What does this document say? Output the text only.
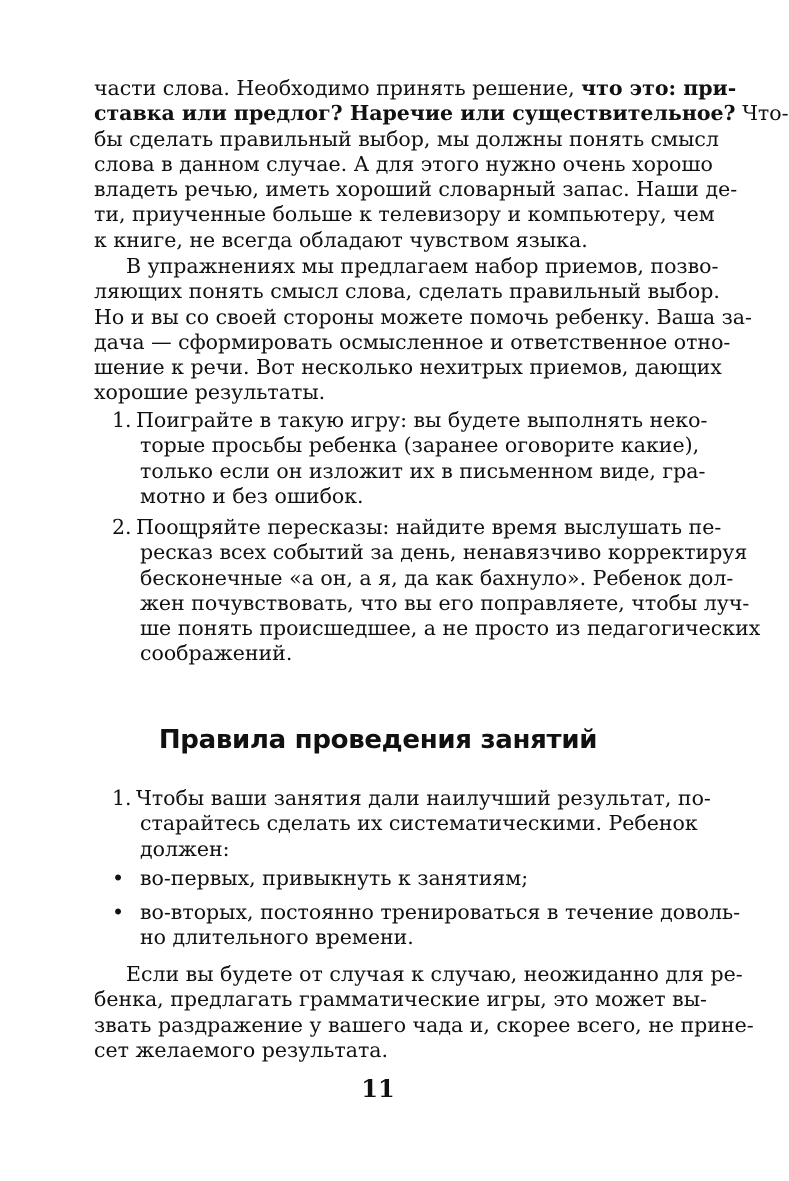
части слова. Необходимо принять решение, что это: при-
ставка или предлог? Наречие или существительное? Что-
бы сделать правильный выбор, мы должны понять смысл
слова в данном случае. А для этого нужно очень хорошо
владеть речью, иметь хороший словарный запас. Наши де-
ти, приученные больше к телевизору и компьютеру, чем
к книге, не всегда обладают чувством языка.
В упражнениях мы предлагаем набор приемов, позво-
ляющих понять смысл слова, сделать правильный выбор.
Но и вы со своей стороны можете помочь ребенку. Ваша за-
дача — сформировать осмысленное и ответственное отно-
шение к речи. Вот несколько нехитрых приемов, дающих
хорошие результаты.
1. Поиграйте в такую игру: вы будете выполнять неко-
торые просьбы ребенка (заранее оговорите какие),
только если он изложит их в письменном виде, гра-
мотно и без ошибок.
2. Поощряйте пересказы: найдите время выслушать пе-
ресказ всех событий за день, ненавязчиво корректируя
бесконечные «а он, а я, да как бахнуло». Ребенок дол-
жен почувствовать, что вы его поправляете, чтобы луч-
ше понять происшедшее, а не просто из педагогических
соображений.
Правила проведения занятий
1. Чтобы ваши занятия дали наилучший результат, по-
старайтесь сделать их систематическими. Ребенок
должен:
• во-первых, привыкнуть к занятиям;
• во-вторых, постоянно тренироваться в течение доволь-
но длительного времени.
Если вы будете от случая к случаю, неожиданно для ре-
бенка, предлагать грамматические игры, это может вы-
звать раздражение у вашего чада и, скорее всего, не прине-
сет желаемого результата.
11
